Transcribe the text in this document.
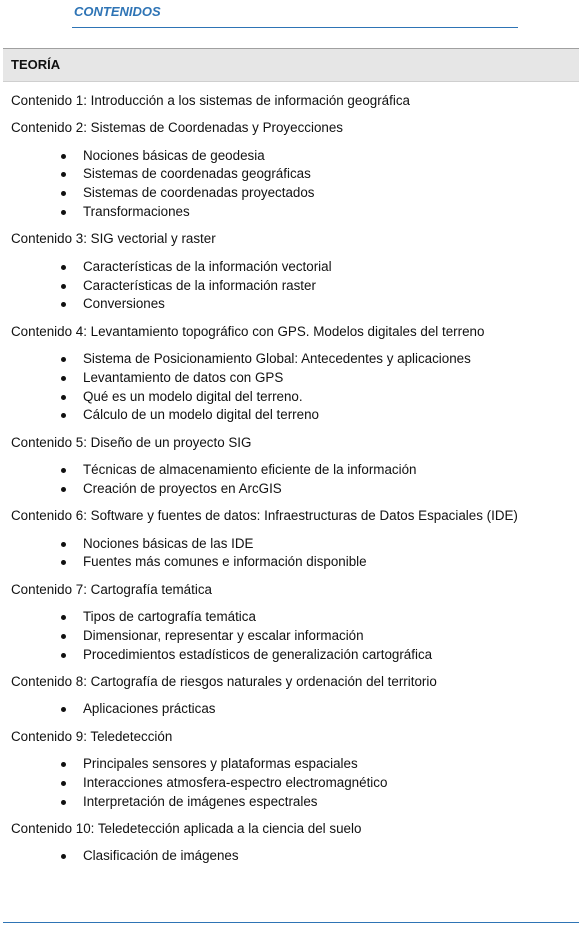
CONTENIDOS
TEORÍA
Contenido 1: Introducción a los sistemas de información geográfica
Contenido 2: Sistemas de Coordenadas y Proyecciones
Nociones básicas de geodesia
Sistemas de coordenadas geográficas
Sistemas de coordenadas proyectados
Transformaciones
Contenido 3: SIG vectorial y raster
Características de la información vectorial
Características de la información raster
Conversiones
Contenido 4: Levantamiento topográfico con GPS. Modelos digitales del terreno
Sistema de Posicionamiento Global: Antecedentes y aplicaciones
Levantamiento de datos con GPS
Qué es un modelo digital del terreno.
Cálculo de un modelo digital del terreno
Contenido 5: Diseño de un proyecto SIG
Técnicas de almacenamiento eficiente de la información
Creación de proyectos en ArcGIS
Contenido 6: Software y fuentes de datos: Infraestructuras de Datos Espaciales (IDE)
Nociones básicas de las IDE
Fuentes más comunes e información disponible
Contenido 7: Cartografía temática
Tipos de cartografía temática
Dimensionar, representar y escalar información
Procedimientos estadísticos de generalización cartográfica
Contenido 8: Cartografía de riesgos naturales y ordenación del territorio
Aplicaciones prácticas
Contenido 9: Teledetección
Principales sensores y plataformas espaciales
Interacciones atmosfera-espectro electromagnético
Interpretación de imágenes espectrales
Contenido 10: Teledetección aplicada a la ciencia del suelo
Clasificación de imágenes
